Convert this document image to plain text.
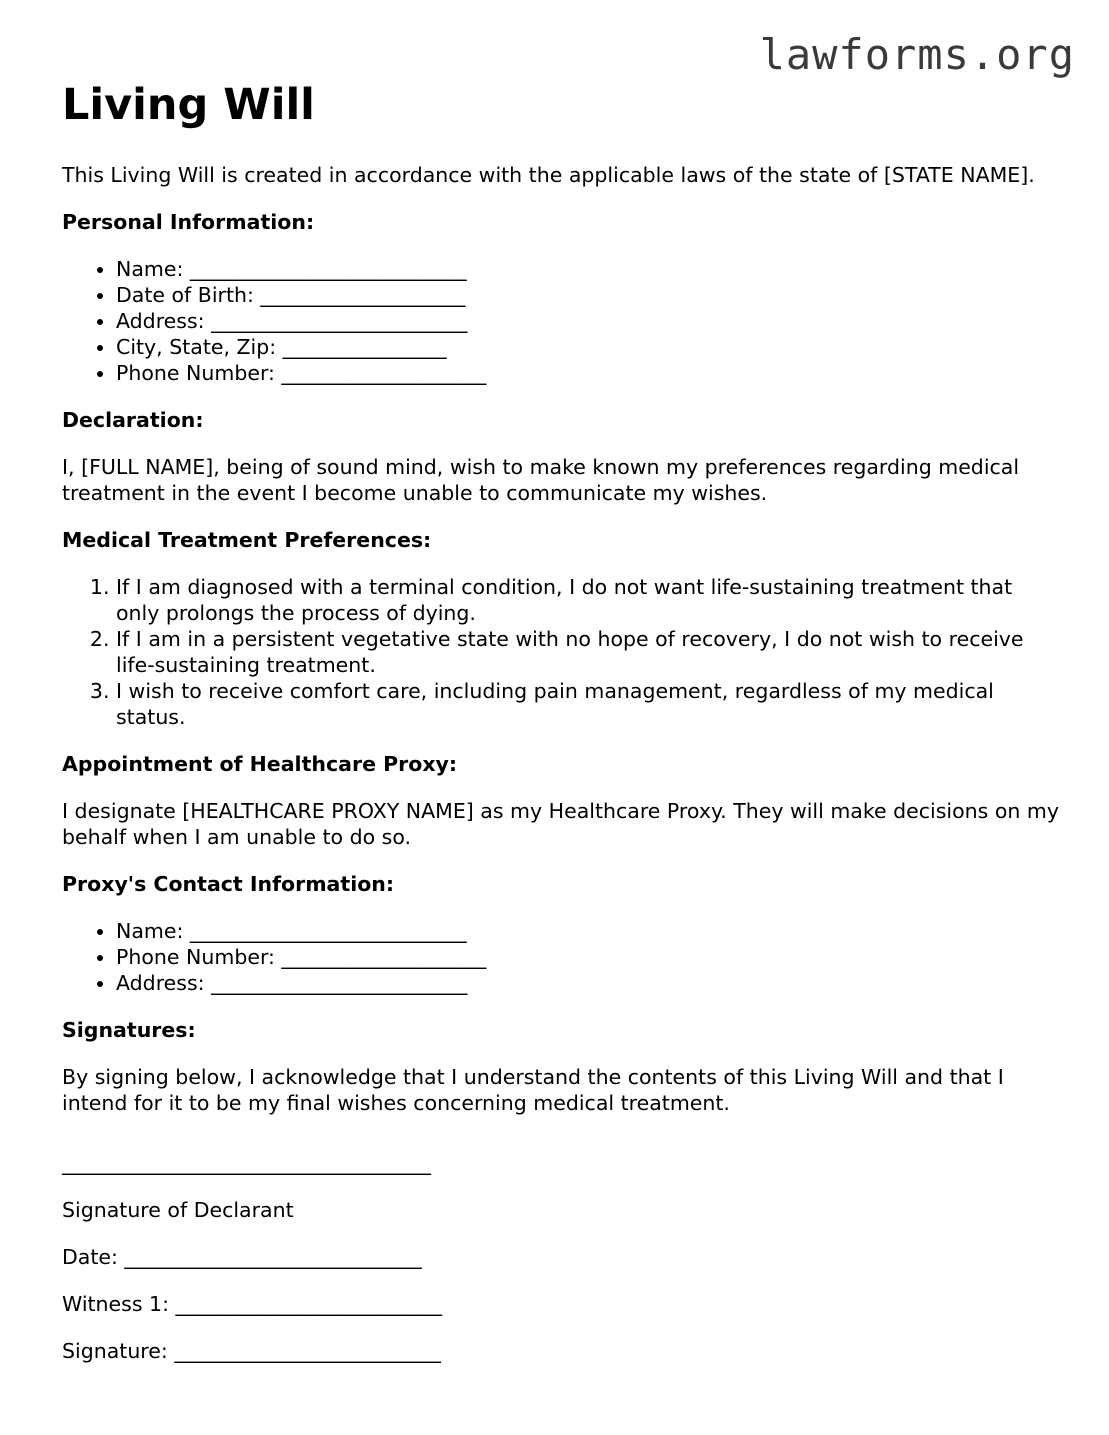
lawforms.org
Living Will

This Living Will is created in accordance with the applicable laws of the state of [STATE NAME].

Personal Information:
• Name: ___________________________
• Date of Birth: ____________________
• Address: _________________________
• City, State, Zip: ________________
• Phone Number: ____________________
Declaration:

I, [FULL NAME], being of sound mind, wish to make known my preferences regarding medical treatment in the event I become unable to communicate my wishes.

Medical Treatment Preferences:
1. If I am diagnosed with a terminal condition, I do not want life-sustaining treatment that only prolongs the process of dying.
2. If I am in a persistent vegetative state with no hope of recovery, I do not wish to receive life-sustaining treatment.
3. I wish to receive comfort care, including pain management, regardless of my medical status.
Appointment of Healthcare Proxy:

I designate [HEALTHCARE PROXY NAME] as my Healthcare Proxy. They will make decisions on my behalf when I am unable to do so.

Proxy's Contact Information:
• Name: ___________________________
• Phone Number: ____________________
• Address: _________________________
Signatures:

By signing below, I acknowledge that I understand the contents of this Living Will and that I intend for it to be my final wishes concerning medical treatment.

____________________________________
Signature of Declarant
Date: _____________________________
Witness 1: __________________________
Signature: __________________________
